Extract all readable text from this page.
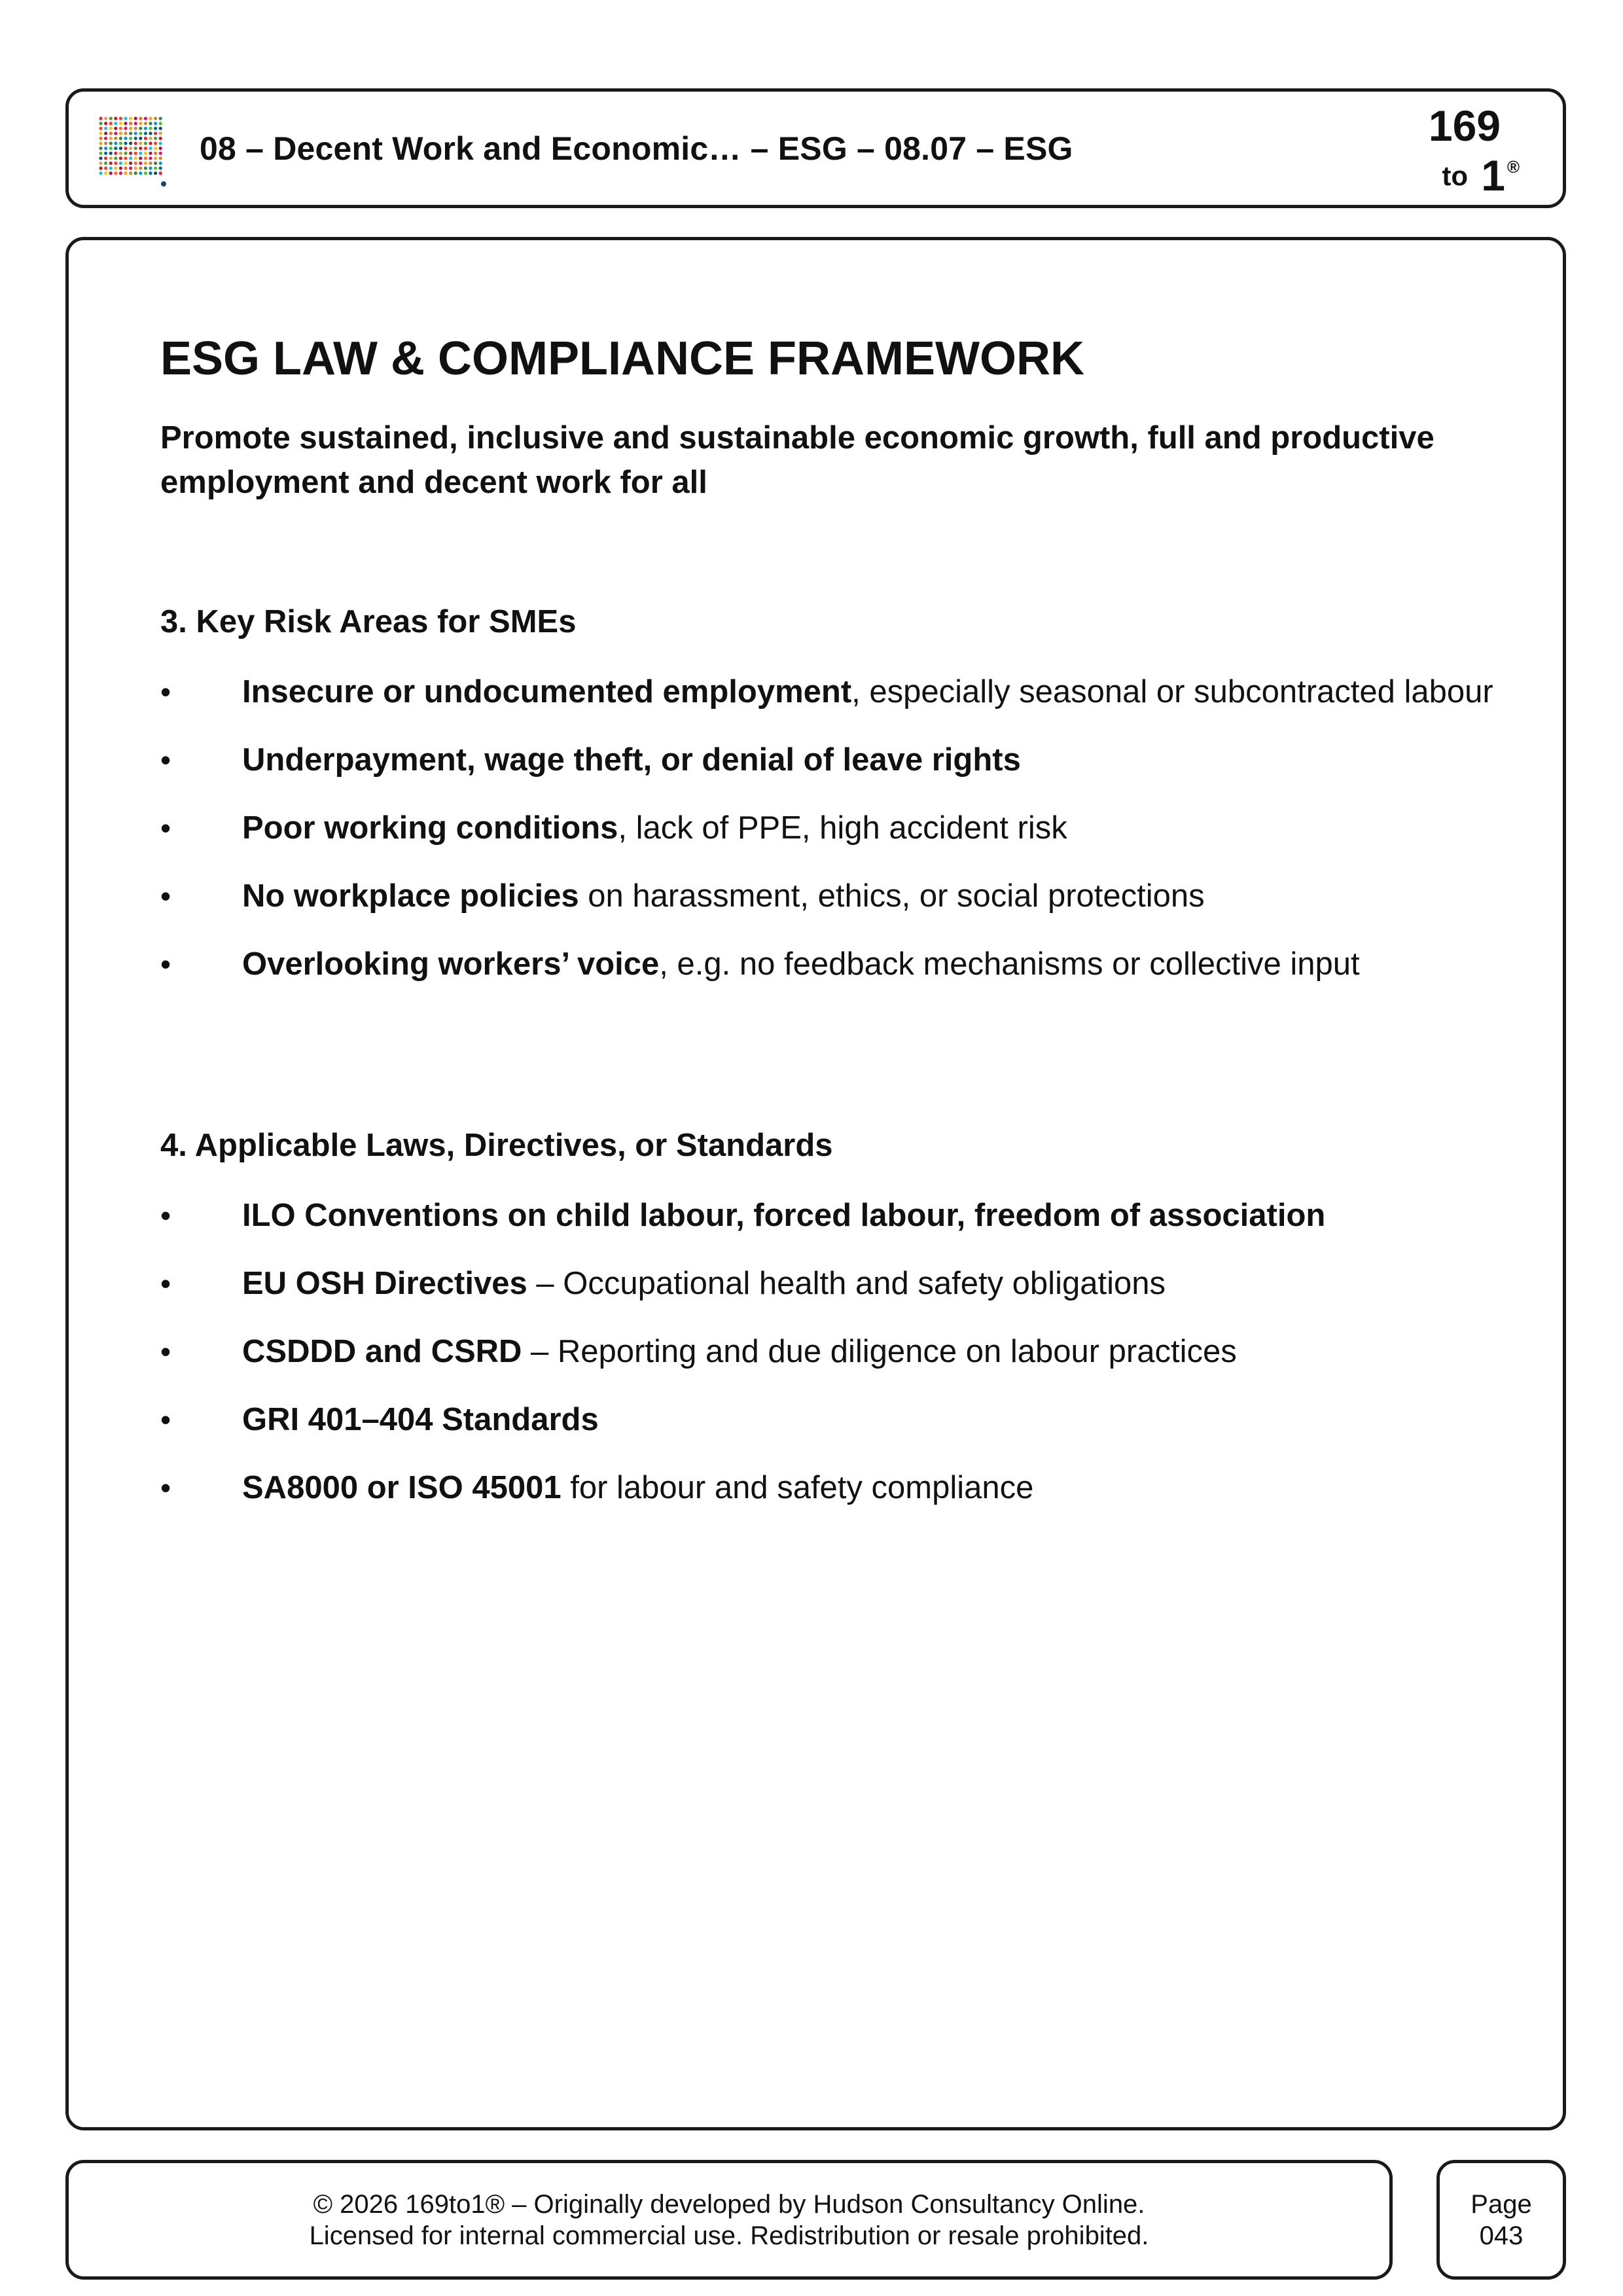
08 – Decent Work and Economic… – ESG – 08.07 – ESG	169
to 1 ®
ESG LAW & COMPLIANCE FRAMEWORK

Promote sustained, inclusive and sustainable economic growth, full and productive employment and decent work for all

3. Key Risk Areas for SMEs
• Insecure or undocumented employment, especially seasonal or subcontracted labour
• Underpayment, wage theft, or denial of leave rights
• Poor working conditions, lack of PPE, high accident risk
• No workplace policies on harassment, ethics, or social protections
• Overlooking workers’ voice, e.g. no feedback mechanisms or collective input
4. Applicable Laws, Directives, or Standards
• ILO Conventions on child labour, forced labour, freedom of association
• EU OSH Directives – Occupational health and safety obligations
• CSDDD and CSRD – Reporting and due diligence on labour practices
• GRI 401–404 Standards
• SA8000 or ISO 45001 for labour and safety compliance
© 2026 169to1® – Originally developed by Hudson Consultancy Online.
Licensed for internal commercial use. Redistribution or resale prohibited.
Page
043
